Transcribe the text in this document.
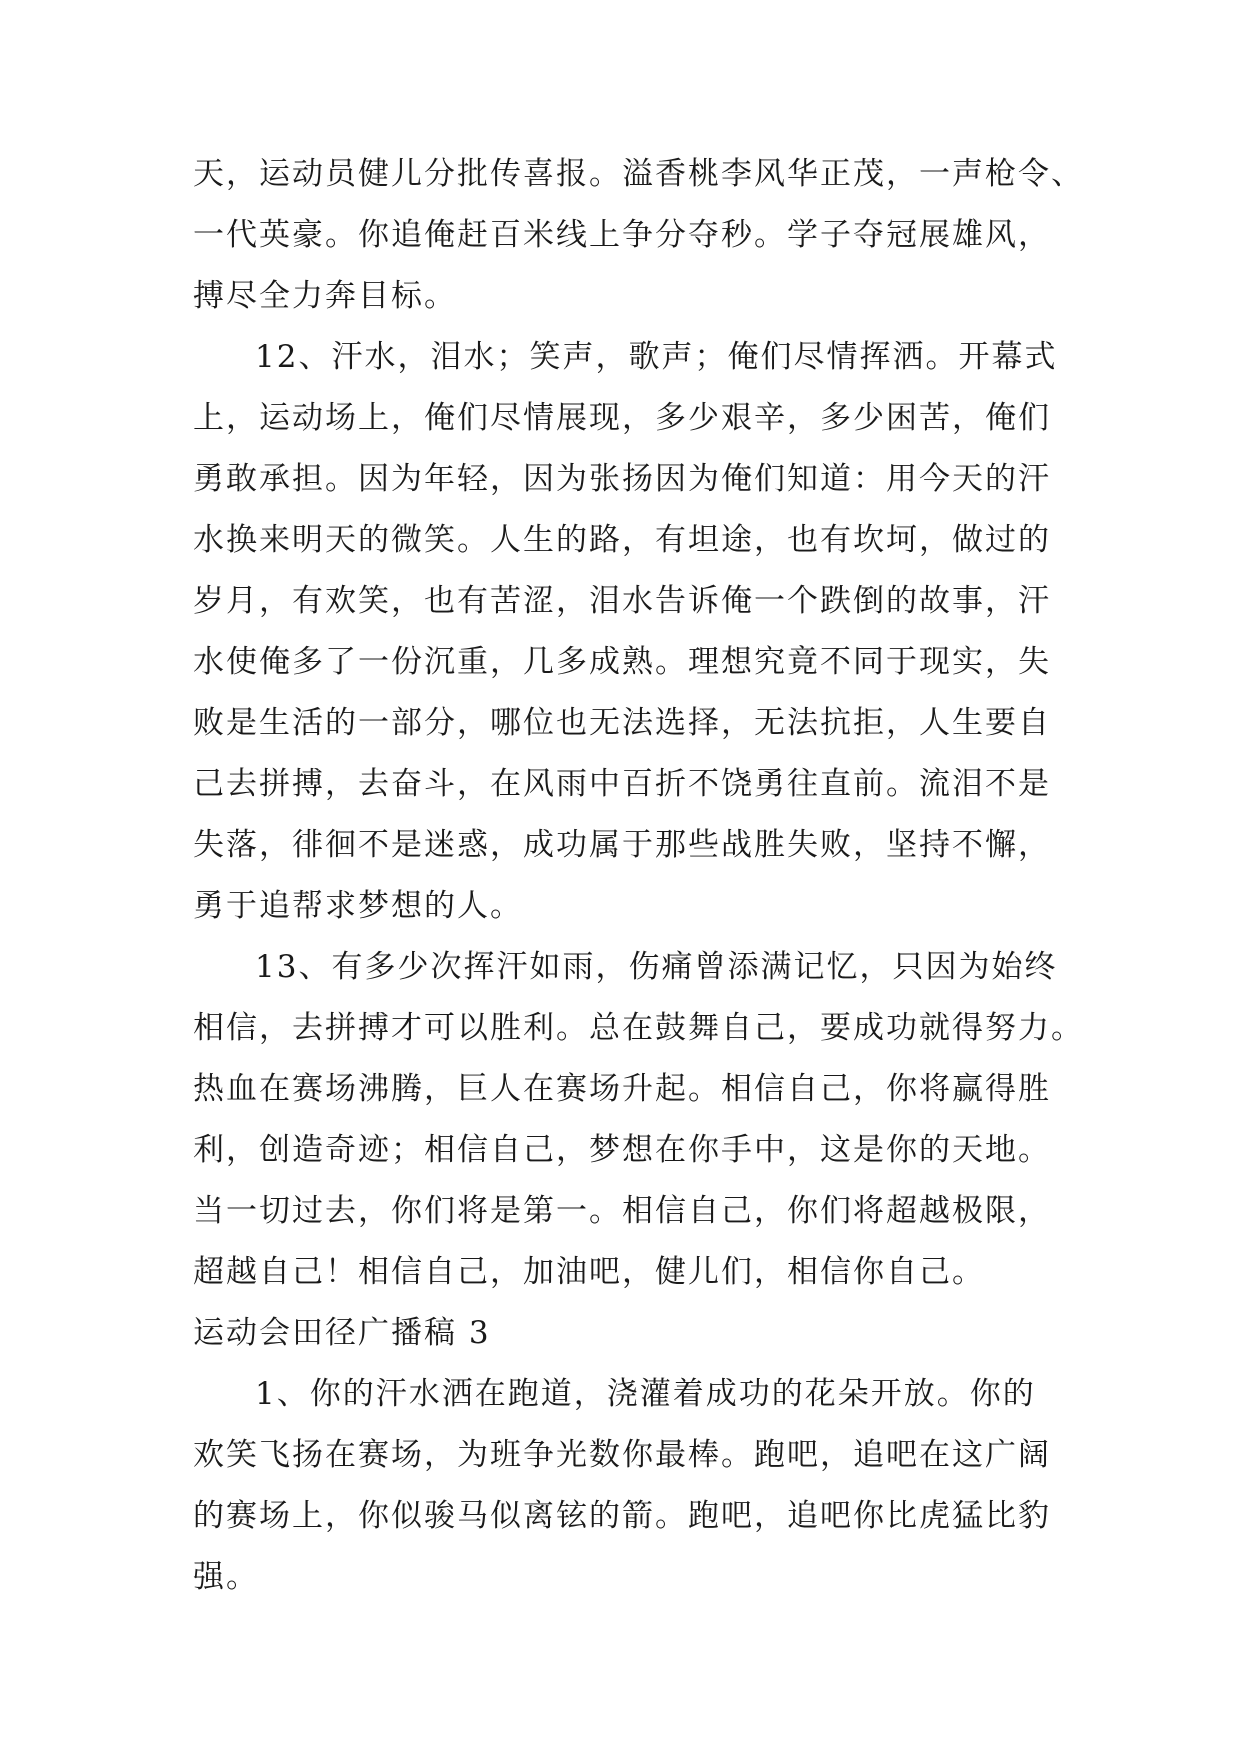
天，运动员健儿分批传喜报。溢香桃李风华正茂，一声枪令、
一代英豪。你追俺赶百米线上争分夺秒。学子夺冠展雄风，
搏尽全力奔目标。
12、汗水，泪水；笑声，歌声；俺们尽情挥洒。开幕式
上，运动场上，俺们尽情展现，多少艰辛，多少困苦，俺们
勇敢承担。因为年轻，因为张扬因为俺们知道：用今天的汗
水换来明天的微笑。人生的路，有坦途，也有坎坷，做过的
岁月，有欢笑，也有苦涩，泪水告诉俺一个跌倒的故事，汗
水使俺多了一份沉重，几多成熟。理想究竟不同于现实，失
败是生活的一部分，哪位也无法选择，无法抗拒，人生要自
己去拼搏，去奋斗，在风雨中百折不饶勇往直前。流泪不是
失落，徘徊不是迷惑，成功属于那些战胜失败，坚持不懈，
勇于追帮求梦想的人。
13、有多少次挥汗如雨，伤痛曾添满记忆，只因为始终
相信，去拼搏才可以胜利。总在鼓舞自己，要成功就得努力。
热血在赛场沸腾，巨人在赛场升起。相信自己，你将赢得胜
利，创造奇迹；相信自己，梦想在你手中，这是你的天地。
当一切过去，你们将是第一。相信自己，你们将超越极限，
超越自己！相信自己，加油吧，健儿们，相信你自己。
运动会田径广播稿 3
1、你的汗水洒在跑道，浇灌着成功的花朵开放。你的
欢笑飞扬在赛场，为班争光数你最棒。跑吧，追吧在这广阔
的赛场上，你似骏马似离铉的箭。跑吧，追吧你比虎猛比豹
强。
